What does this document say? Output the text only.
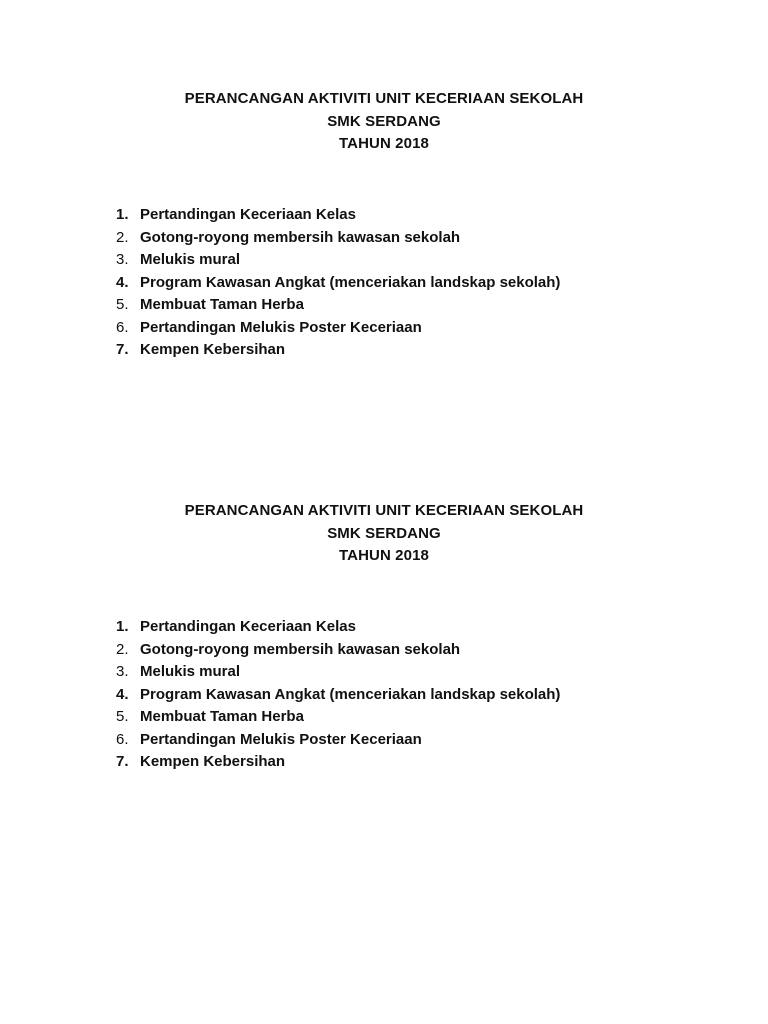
PERANCANGAN AKTIVITI UNIT KECERIAAN SEKOLAH
SMK SERDANG
TAHUN 2018
1. Pertandingan Keceriaan Kelas
2. Gotong-royong membersih kawasan sekolah
3. Melukis mural
4. Program Kawasan Angkat (menceriakan landskap sekolah)
5. Membuat Taman Herba
6. Pertandingan Melukis Poster Keceriaan
7. Kempen Kebersihan
PERANCANGAN AKTIVITI UNIT KECERIAAN SEKOLAH
SMK SERDANG
TAHUN 2018
1. Pertandingan Keceriaan Kelas
2. Gotong-royong membersih kawasan sekolah
3. Melukis mural
4. Program Kawasan Angkat (menceriakan landskap sekolah)
5. Membuat Taman Herba
6. Pertandingan Melukis Poster Keceriaan
7. Kempen Kebersihan
